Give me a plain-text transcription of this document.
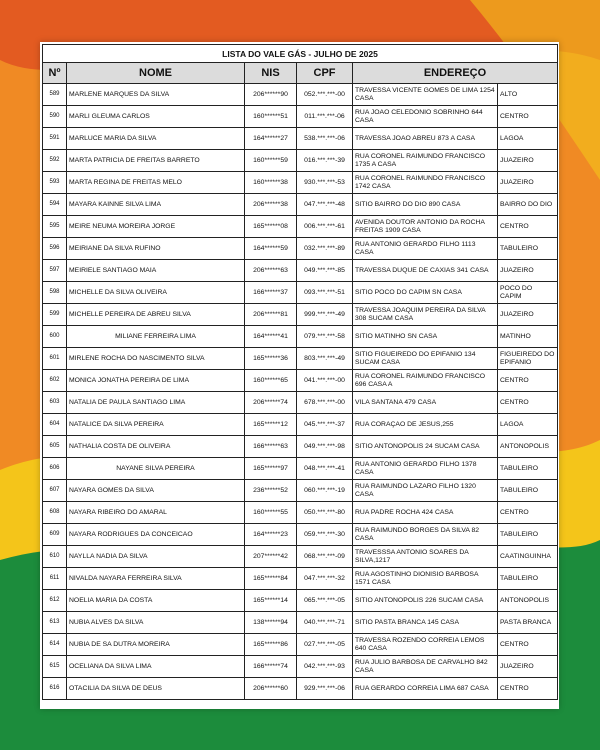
LISTA DO VALE GÁS - JULHO DE 2025					
Nº	NOME	NIS	CPF	ENDEREÇO	
589	MARLENE MARQUES DA SILVA	206******90	052.***.***-00	TRAVESSA VICENTE GOMES DE LIMA 1254 CASA	ALTO
590	MARLI GLEUMA CARLOS	160******51	011.***.***-06	RUA JOAO CELEDONIO SOBRINHO 644 CASA	CENTRO
591	MARLUCE MARIA DA SILVA	164******27	538.***.***-06	TRAVESSA JOAO ABREU 873 A CASA	LAGOA
592	MARTA PATRICIA DE FREITAS BARRETO	160******59	016.***.***-39	RUA CORONEL RAIMUNDO FRANCISCO 1735 A CASA	JUAZEIRO
593	MARTA REGINA DE FREITAS MELO	160******38	930.***.***-53	RUA CORONEL RAIMUNDO FRANCISCO 1742 CASA	JUAZEIRO
594	MAYARA KAINNE SILVA LIMA	206******38	047.***.***-48	SITIO BAIRRO DO DIO 890 CASA	BAIRRO DO DIO
595	MEIRE NEUMA MOREIRA JORGE	165******08	006.***.***-61	AVENIDA DOUTOR ANTONIO DA ROCHA FREITAS 1909 CASA	CENTRO
596	MEIRIANE DA SILVA RUFINO	164******59	032.***.***-89	RUA ANTONIO GERARDO FILHO 1113 CASA	TABULEIRO
597	MEIRIELE SANTIAGO MAIA	206******63	049.***.***-85	TRAVESSA DUQUE DE CAXIAS 341 CASA	JUAZEIRO
598	MICHELLE DA SILVA OLIVEIRA	166******37	093.***.***-51	SITIO POCO DO CAPIM SN CASA	POCO DO CAPIM
599	MICHELLE PEREIRA DE ABREU SILVA	206******81	999.***.***-49	TRAVESSA JOAQUIM PEREIRA DA SILVA 308 SUCAM CASA	JUAZEIRO
600	MILIANE FERREIRA LIMA	164******41	079.***.***-58	SITIO MATINHO SN CASA	MATINHO
601	MIRLENE ROCHA DO NASCIMENTO SILVA	165******36	803.***.***-49	SITIO FIGUEIREDO DO EPIFANIO 134 SUCAM CASA	FIGUEIREDO DO EPIFANIO
602	MONICA JONATHA PEREIRA DE LIMA	160******65	041.***.***-00	RUA CORONEL RAIMUNDO FRANCISCO 696 CASA A	CENTRO
603	NATALIA DE PAULA SANTIAGO LIMA	206******74	678.***.***-00	VILA SANTANA 479 CASA	CENTRO
604	NATALICE DA SILVA PEREIRA	165******12	045.***.***-37	RUA CORAÇAO DE JESUS,255	LAGOA
605	NATHALIA COSTA DE OLIVEIRA	166******63	049.***.***-98	SITIO ANTONOPOLIS 24 SUCAM CASA	ANTONOPOLIS
606	NAYANE SILVA PEREIRA	165******97	048.***.***-41	RUA ANTONIO GERARDO FILHO 1378 CASA	TABULEIRO
607	NAYARA GOMES DA SILVA	236******52	060.***.***-19	RUA RAIMUNDO LAZARO FILHO 1320 CASA	TABULEIRO
608	NAYARA RIBEIRO DO AMARAL	160******55	050.***.***-80	RUA PADRE ROCHA 424 CASA	CENTRO
609	NAYARA RODRIGUES DA CONCEICAO	164******23	059.***.***-30	RUA RAIMUNDO BORGES DA SILVA 82 CASA	TABULEIRO
610	NAYLLA NADIA DA SILVA	207******42	068.***.***-09	TRAVESSSA ANTONIO SOARES DA SILVA,1217	CAATINGUINHA
611	NIVALDA NAYARA FERREIRA SILVA	165******84	047.***.***-32	RUA AGOSTINHO DIONISIO BARBOSA 1571 CASA	TABULEIRO
612	NOELIA MARIA DA COSTA	165******14	065.***.***-05	SITIO ANTONOPOLIS 226 SUCAM CASA	ANTONOPOLIS
613	NUBIA ALVES DA SILVA	138******94	040.***.***-71	SITIO PASTA BRANCA 145 CASA	PASTA BRANCA
614	NUBIA DE SA DUTRA MOREIRA	165******86	027.***.***-05	TRAVESSA ROZENDO CORREIA LEMOS 640 CASA	CENTRO
615	OCELIANA DA SILVA LIMA	166******74	042.***.***-93	RUA JULIO BARBOSA DE CARVALHO 842 CASA	JUAZEIRO
616	OTACILIA DA SILVA DE DEUS	206******60	929.***.***-06	RUA GERARDO CORREIA LIMA 687 CASA	CENTRO
